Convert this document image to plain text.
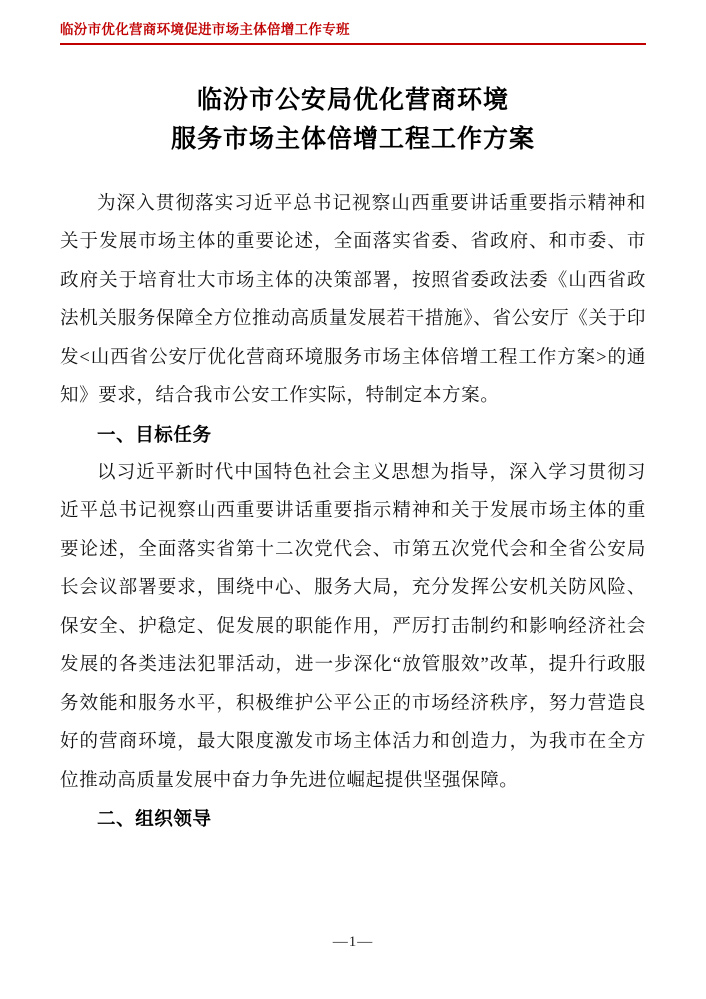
临汾市优化营商环境促进市场主体倍增工作专班
临汾市公安局优化营商环境
服务市场主体倍增工程工作方案

为深入贯彻落实习近平总书记视察山西重要讲话重要指示精神和关于发展市场主体的重要论述，全面落实省委、省政府、和市委、市政府关于培育壮大市场主体的决策部署，按照省委政法委《山西省政法机关服务保障全方位推动高质量发展若干措施》、省公安厅《关于印发<山西省公安厅优化营商环境服务市场主体倍增工程工作方案>的通知》要求，结合我市公安工作实际，特制定本方案。

一、目标任务

以习近平新时代中国特色社会主义思想为指导，深入学习贯彻习近平总书记视察山西重要讲话重要指示精神和关于发展市场主体的重要论述，全面落实省第十二次党代会、市第五次党代会和全省公安局长会议部署要求，围绕中心、服务大局，充分发挥公安机关防风险、保安全、护稳定、促发展的职能作用，严厉打击制约和影响经济社会发展的各类违法犯罪活动，进一步深化“放管服效”改革，提升行政服务效能和服务水平，积极维护公平公正的市场经济秩序，努力营造良好的营商环境，最大限度激发市场主体活力和创造力，为我市在全方位推动高质量发展中奋力争先进位崛起提供坚强保障。

二、组织领导
—1—
